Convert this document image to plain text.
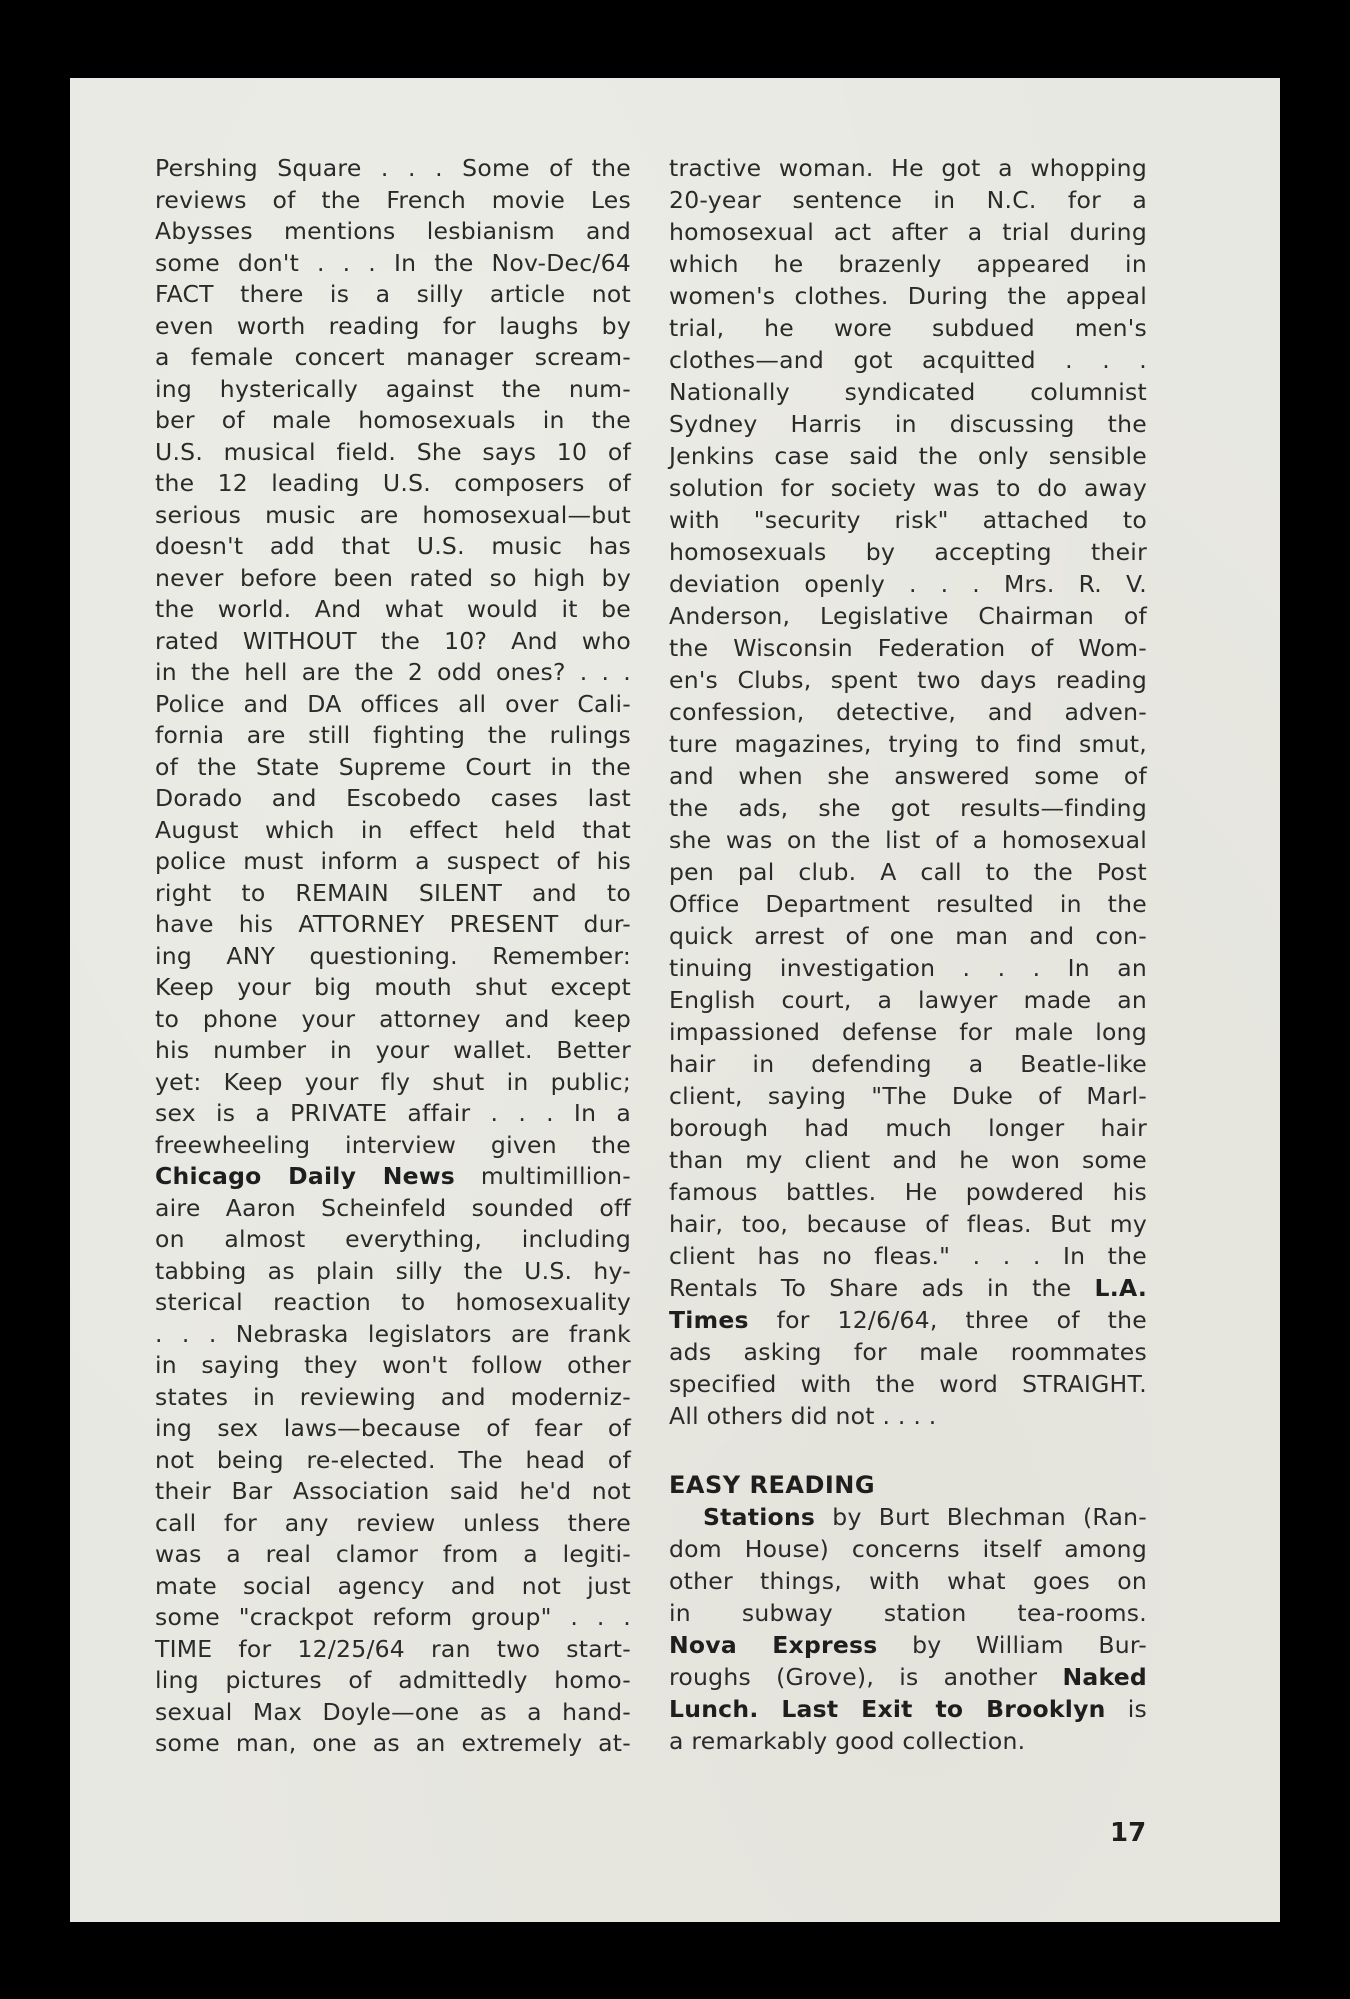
Pershing Square . . . Some of the
reviews of the French movie Les
Abysses mentions lesbianism and
some don't . . . In the Nov-Dec/64
FACT there is a silly article not
even worth reading for laughs by
a female concert manager scream-
ing hysterically against the num-
ber of male homosexuals in the
U.S. musical field. She says 10 of
the 12 leading U.S. composers of
serious music are homosexual—but
doesn't add that U.S. music has
never before been rated so high by
the world. And what would it be
rated WITHOUT the 10? And who
in the hell are the 2 odd ones? . . .
Police and DA offices all over Cali-
fornia are still fighting the rulings
of the State Supreme Court in the
Dorado and Escobedo cases last
August which in effect held that
police must inform a suspect of his
right to REMAIN SILENT and to
have his ATTORNEY PRESENT dur-
ing ANY questioning. Remember:
Keep your big mouth shut except
to phone your attorney and keep
his number in your wallet. Better
yet: Keep your fly shut in public;
sex is a PRIVATE affair . . . In a
freewheeling interview given the
Chicago Daily News multimillion-
aire Aaron Scheinfeld sounded off
on almost everything, including
tabbing as plain silly the U.S. hy-
sterical reaction to homosexuality
. . . Nebraska legislators are frank
in saying they won't follow other
states in reviewing and moderniz-
ing sex laws—because of fear of
not being re-elected. The head of
their Bar Association said he'd not
call for any review unless there
was a real clamor from a legiti-
mate social agency and not just
some "crackpot reform group" . . .
TIME for 12/25/64 ran two start-
ling pictures of admittedly homo-
sexual Max Doyle—one as a hand-
some man, one as an extremely at-
EASY READING
tractive woman. He got a whopping
20-year sentence in N.C. for a
homosexual act after a trial during
which he brazenly appeared in
women's clothes. During the appeal
trial, he wore subdued men's
clothes—and got acquitted . . .
Nationally syndicated columnist
Sydney Harris in discussing the
Jenkins case said the only sensible
solution for society was to do away
with "security risk" attached to
homosexuals by accepting their
deviation openly . . . Mrs. R. V.
Anderson, Legislative Chairman of
the Wisconsin Federation of Wom-
en's Clubs, spent two days reading
confession, detective, and adven-
ture magazines, trying to find smut,
and when she answered some of
the ads, she got results—finding
she was on the list of a homosexual
pen pal club. A call to the Post
Office Department resulted in the
quick arrest of one man and con-
tinuing investigation . . . In an
English court, a lawyer made an
impassioned defense for male long
hair in defending a Beatle-like
client, saying "The Duke of Marl-
borough had much longer hair
than my client and he won some
famous battles. He powdered his
hair, too, because of fleas. But my
client has no fleas." . . . In the
Rentals To Share ads in the L.A.
Times for 12/6/64, three of the
ads asking for male roommates
specified with the word STRAIGHT.
All others did not . . . .
Stations by Burt Blechman (Ran-
dom House) concerns itself among
other things, with what goes on
in subway station tea-rooms.
Nova Express by William Bur-
roughs (Grove), is another Naked
Lunch. Last Exit to Brooklyn is
a remarkably good collection.
17
